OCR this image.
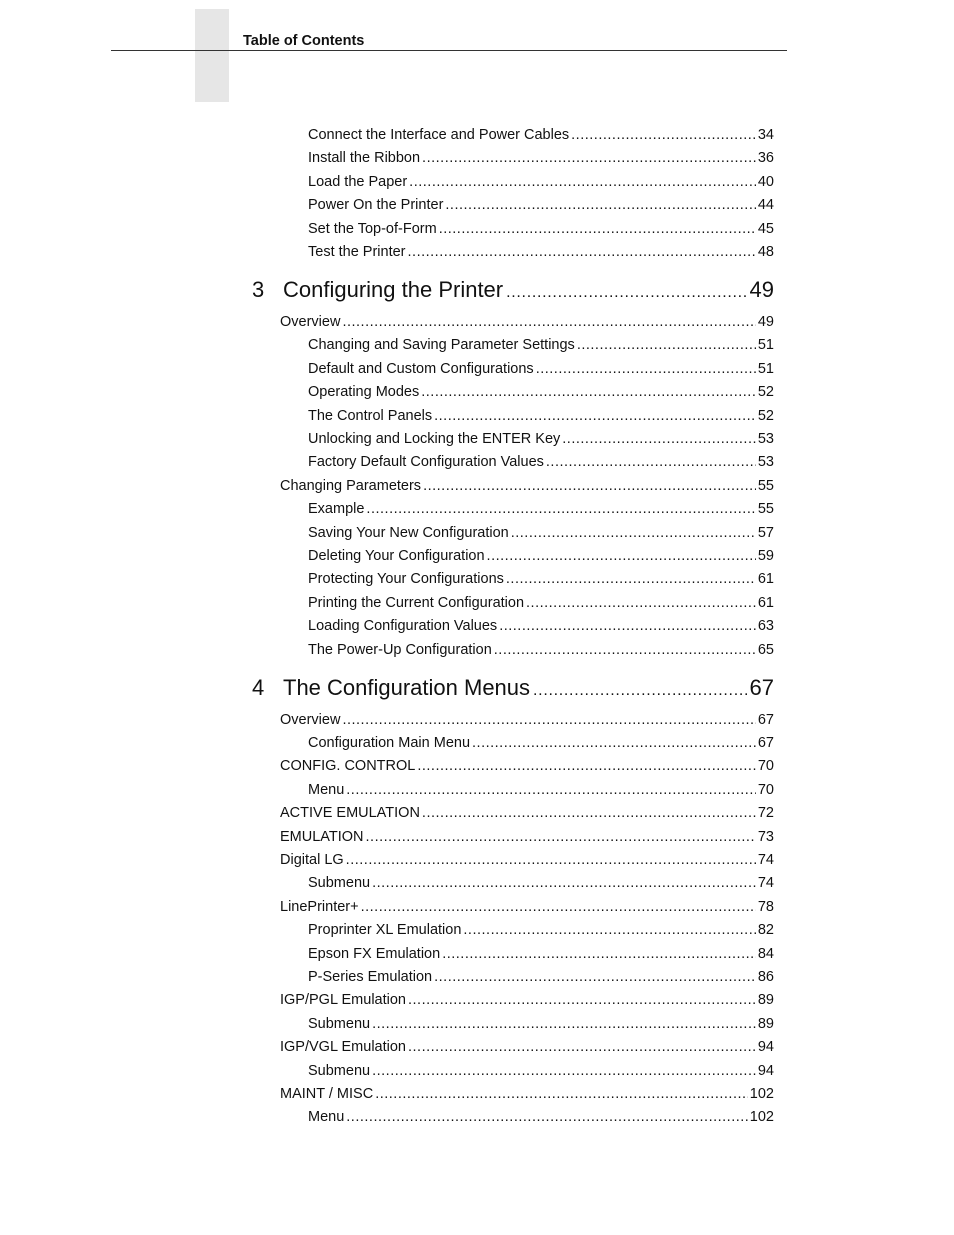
Table of Contents
Connect the Interface and Power Cables .....	34
Install the Ribbon .....	36
Load the Paper .....	40
Power On the Printer .....	44
Set the Top-of-Form .....	45
Test the Printer .....	48
3 Configuring the Printer .....	49
Overview .....	49
Changing and Saving Parameter Settings .....	51
Default and Custom Configurations .....	51
Operating Modes .....	52
The Control Panels .....	52
Unlocking and Locking the ENTER Key .....	53
Factory Default Configuration Values .....	53
Changing Parameters .....	55
Example .....	55
Saving Your New Configuration .....	57
Deleting Your Configuration .....	59
Protecting Your Configurations .....	61
Printing the Current Configuration .....	61
Loading Configuration Values .....	63
The Power-Up Configuration .....	65
4 The Configuration Menus .....	67
Overview .....	67
Configuration Main Menu .....	67
CONFIG. CONTROL .....	70
Menu .....	70
ACTIVE EMULATION .....	72
EMULATION .....	73
Digital LG .....	74
Submenu .....	74
LinePrinter+ .....	78
Proprinter XL Emulation .....	82
Epson FX Emulation .....	84
P-Series Emulation .....	86
IGP/PGL Emulation .....	89
Submenu .....	89
IGP/VGL Emulation .....	94
Submenu .....	94
MAINT / MISC .....	102
Menu .....	102
